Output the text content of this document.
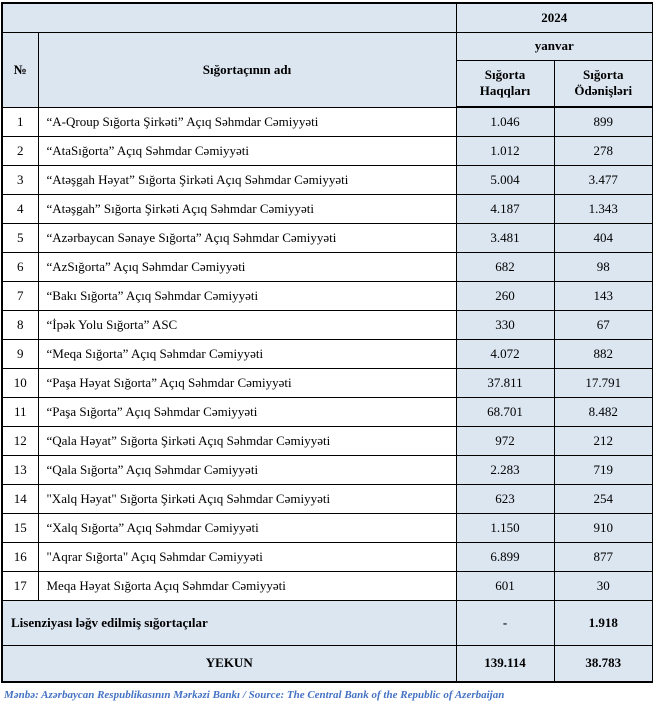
		2024	
№	Sığortaçının adı	yanvar	
		Sığorta Haqqları	Sığorta Ödənişləri
1	“A-Qroup Sığorta Şirkəti” Açıq Səhmdar Cəmiyyəti	1.046	899
2	“AtaSığorta” Açıq Səhmdar Cəmiyyəti	1.012	278
3	“Atəşgah Həyat” Sığorta Şirkəti Açıq Səhmdar Cəmiyyəti	5.004	3.477
4	“Atəşgah” Sığorta Şirkəti Açıq Səhmdar Cəmiyyəti	4.187	1.343
5	“Azərbaycan Sənaye Sığorta” Açıq Səhmdar Cəmiyyəti	3.481	404
6	“AzSığorta” Açıq Səhmdar Cəmiyyəti	682	98
7	“Bakı Sığorta” Açıq Səhmdar Cəmiyyəti	260	143
8	“İpək Yolu Sığorta” ASC	330	67
9	“Meqa Sığorta” Açıq Səhmdar Cəmiyyəti	4.072	882
10	“Paşa Həyat Sığorta” Açıq Səhmdar Cəmiyyəti	37.811	17.791
11	“Paşa Sığorta” Açıq Səhmdar Cəmiyyəti	68.701	8.482
12	“Qala Həyat” Sığorta Şirkəti Açıq Səhmdar Cəmiyyəti	972	212
13	“Qala Sığorta” Açıq Səhmdar Cəmiyyəti	2.283	719
14	"Xalq Həyat" Sığorta Şirkəti Açıq Səhmdar Cəmiyyəti	623	254
15	“Xalq Sığorta” Açıq Səhmdar Cəmiyyəti	1.150	910
16	"Aqrar Sığorta" Açıq Səhmdar Cəmiyyəti	6.899	877
17	Meqa Həyat Sığorta Açıq Səhmdar Cəmiyyəti	601	30
Lisenziyası ləğv edilmiş sığortaçılar		-	1.918
YEKUN		139.114	38.783
Mənbə: Azərbaycan Respublikasının Mərkəzi Bankı / Source: The Central Bank of the Republic of Azerbaijan
